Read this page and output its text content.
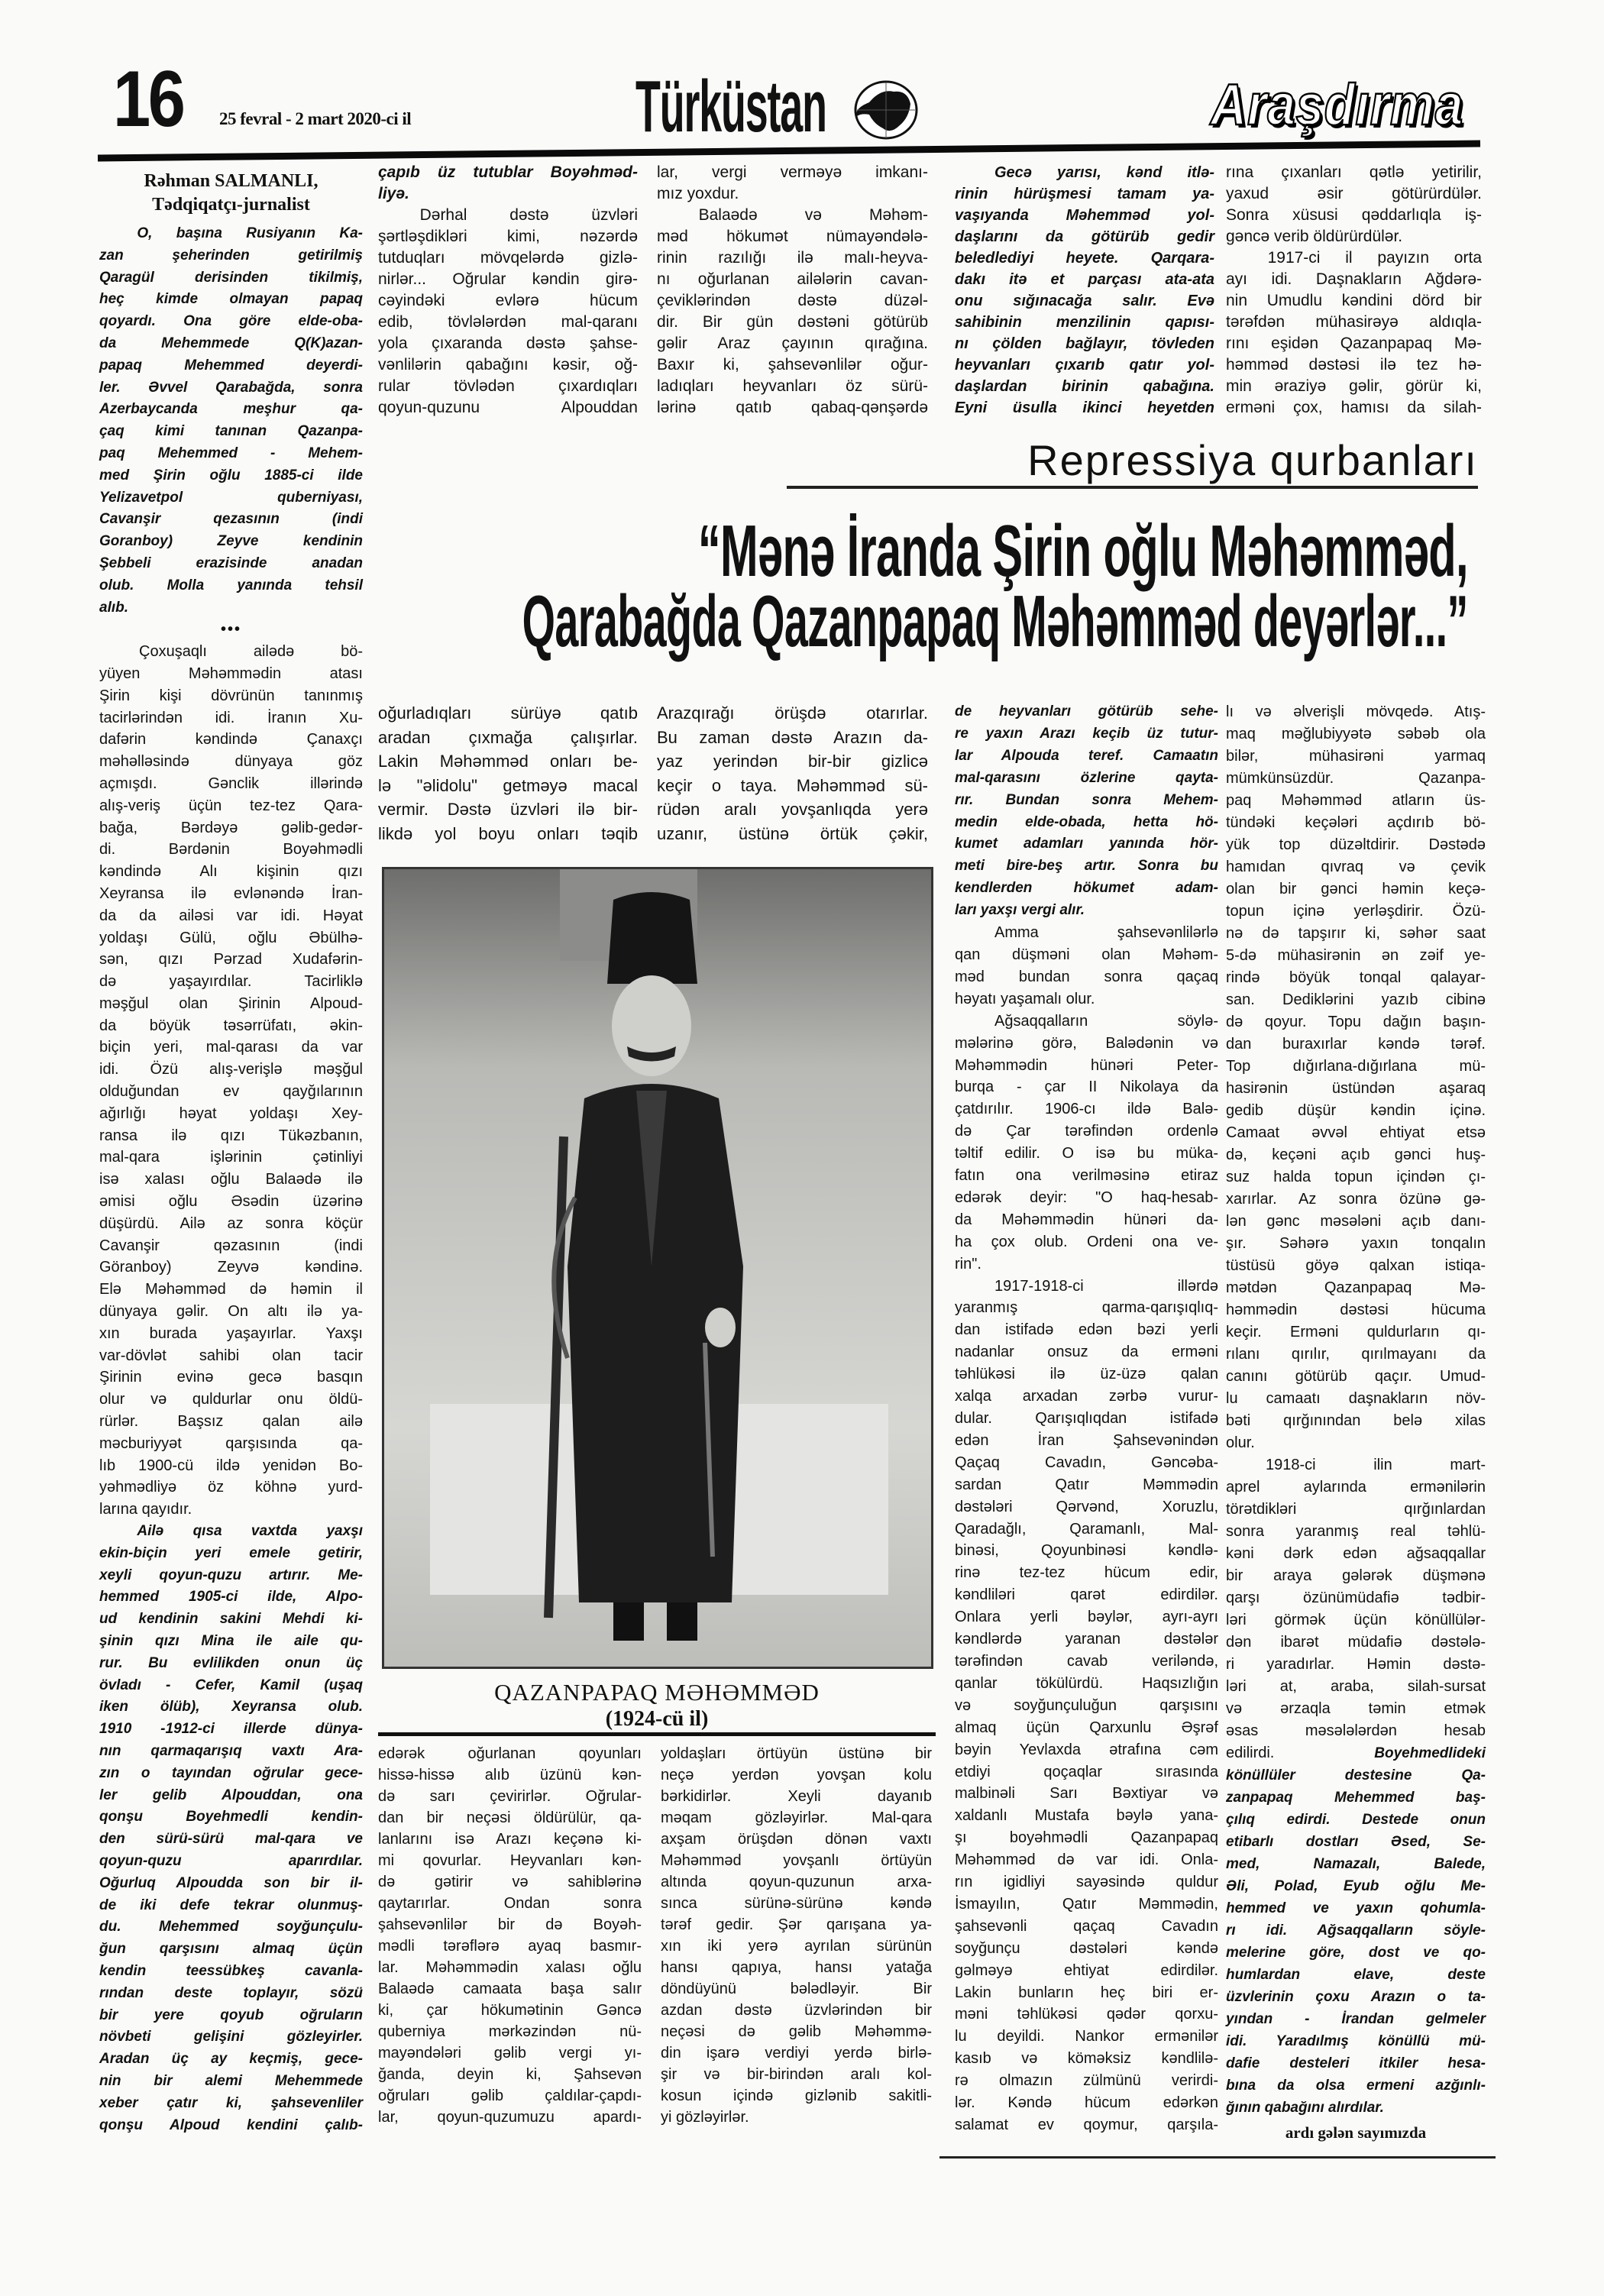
16 25 fevral - 2 mart 2020-ci il	Türküstan	Araşdırma
Repressiya qurbanları
“Mənə İranda Şirin oğlu Məhəmməd,
Qarabağda Qazanpapaq Məhəmməd deyərlər...”
Rəhman SALMANLI,
Tədqiqatçı-jurnalist
O, başına Rusiyanın Ka-
zan şeherinden getirilmiş
Qaragül derisinden tikilmiş,
heç kimde olmayan papaq
qoyardı. Ona göre elde-oba-
da Mehemmede Q(K)azan-
papaq Mehemmed deyerdi-
ler. Əvvel Qarabağda, sonra
Azerbaycanda meşhur qa-
çaq kimi tanınan Qazanpa-
paq Mehemmed - Mehem-
med Şirin oğlu 1885-ci ilde
Yelizavetpol quberniyası,
Cavanşir qezasının (indi
Goranboy) Zeyve kendinin
Şebbeli erazisinde anadan
olub. Molla yanında tehsil
alıb.
•••
Çoxuşaqlı ailədə bö-
yüyen Məhəmmədin atası
Şirin kişi dövrünün tanınmış
tacirlərindən idi. İranın Xu-
dafərin kəndində Çanaxçı
məhəlləsində dünyaya göz
açmışdı. Gənclik illərində
alış-veriş üçün tez-tez Qara-
bağa, Bərdəyə gəlib-gedər-
di. Bərdənin Boyəhmədli
kəndində Alı kişinin qızı
Xeyransa ilə evlənəndə İran-
da da ailəsi var idi. Həyat
yoldaşı Gülü, oğlu Əbülhə-
sən, qızı Pərzad Xudafərin-
də yaşayırdılar. Tacirliklə
məşğul olan Şirinin Alpoud-
da böyük təsərrüfatı, əkin-
biçin yeri, mal-qarası da var
idi. Özü alış-verişlə məşğul
olduğundan ev qayğılarının
ağırlığı həyat yoldaşı Xey-
ransa ilə qızı Tükəzbanın,
mal-qara işlərinin çətinliyi
isə xalası oğlu Balaədə ilə
əmisi oğlu Əsədin üzərinə
düşürdü. Ailə az sonra köçür
Cavanşir qəzasının (indi
Göranboy) Zeyvə kəndinə.
Elə Məhəmməd də həmin il
dünyaya gəlir. On altı ilə ya-
xın burada yaşayırlar. Yaxşı
var-dövlət sahibi olan tacir
Şirinin evinə gecə basqın
olur və quldurlar onu öldü-
rürlər. Başsız qalan ailə
məcburiyyət qarşısında qa-
lıb 1900-cü ildə yenidən Bo-
yəhmədliyə öz köhnə yurd-
larına qayıdır.
Ailə qısa vaxtda yaxşı
ekin-biçin yeri emele getirir,
xeyli qoyun-quzu artırır. Me-
hemmed 1905-ci ilde, Alpo-
ud kendinin sakini Mehdi ki-
şinin qızı Mina ile aile qu-
rur. Bu evlilikden onun üç
övladı - Cefer, Kamil (uşaq
iken ölüb), Xeyransa olub.
1910 -1912-ci illerde dünya-
nın qarmaqarışıq vaxtı Ara-
zın o tayından oğrular gece-
ler gelib Alpouddan, ona
qonşu Boyehmedli kendin-
den sürü-sürü mal-qara ve
qoyun-quzu aparırdılar.
Oğurluq Alpoudda son bir il-
de iki defe tekrar olunmuş-
du. Mehemmed soyğunçulu-
ğun qarşısını almaq üçün
kendin teessübkeş cavanla-
rından deste toplayır, sözü
bir yere qoyub oğruların
növbeti gelişini gözleyirler.
Aradan üç ay keçmiş, gece-
nin bir alemi Mehemmede
xeber çatır ki, şahsevenliler
qonşu Alpoud kendini çalıb-
çapıb üz tutublar Boyəhməd-
liyə.
Dərhal dəstə üzvləri
şərtləşdikləri kimi, nəzərdə
tutduqları mövqelərdə gizlə-
nirlər... Oğrular kəndin girə-
cəyindəki evlərə hücum
edib, tövlələrdən mal-qaranı
yola çıxaranda dəstə şahse-
vənlilərin qabağını kəsir, oğ-
rular tövlədən çıxardıqları
qoyun-quzunu Alpouddan
lar, vergi verməyə imkanı-
mız yoxdur.
Balaədə və Məhəm-
məd hökumət nümayəndələ-
rinin razılığı ilə malı-heyva-
nı oğurlanan ailələrin cavan-
çeviklərindən dəstə düzəl-
dir. Bir gün dəstəni götürüb
gəlir Araz çayının qırağına.
Baxır ki, şahsevənlilər oğur-
ladıqları heyvanları öz sürü-
lərinə qatıb qabaq-qənşərdə
Gecə yarısı, kənd itlə-
rinin hürüşmesi tamam ya-
vaşıyanda Məhemməd yol-
daşlarını da götürüb gedir
beledlediyi heyete. Qarqara-
dakı itə et parçası ata-ata
onu sığınacağa salır. Evə
sahibinin menzilinin qapısı-
nı çölden bağlayır, tövleden
heyvanları çıxarıb qatır yol-
daşlardan birinin qabağına.
Eyni üsulla ikinci heyetden
rına çıxanları qətlə yetirilir,
yaxud əsir götürürdülər.
Sonra xüsusi qəddarlıqla iş-
gəncə verib öldürürdülər.
1917-ci il payızın orta
ayı idi. Daşnakların Ağdərə-
nin Umudlu kəndini dörd bir
tərəfdən mühasirəyə aldıqla-
rını eşidən Qazanpapaq Mə-
həmməd dəstəsi ilə tez hə-
min əraziyə gəlir, görür ki,
erməni çox, hamısı da silah-
oğurladıqları sürüyə qatıb
aradan çıxmağa çalışırlar.
Lakin Məhəmməd onları be-
lə "əlidolu" getməyə macal
vermir. Dəstə üzvləri ilə bir-
likdə yol boyu onları təqib
Arazqırağı örüşdə otarırlar.
Bu zaman dəstə Arazın da-
yaz yerindən bir-bir gizlicə
keçir o taya. Məhəmməd sü-
rüdən aralı yovşanlıqda yerə
uzanır, üstünə örtük çəkir,
edərək oğurlanan qoyunları
hissə-hissə alıb üzünü kən-
də sarı çevirirlər. Oğrular-
dan bir neçəsi öldürülür, qa-
lanlarını isə Arazı keçənə ki-
mi qovurlar. Heyvanları kən-
də gətirir və sahiblərinə
qaytarırlar. Ondan sonra
şahsevənlilər bir də Boyəh-
mədli tərəflərə ayaq basmır-
lar. Məhəmmədin xalası oğlu
Balaədə camaata başa salır
ki, çar hökumətinin Gəncə
quberniya mərkəzindən nü-
mayəndələri gəlib vergi yı-
ğanda, deyin ki, Şahsevən
oğruları gəlib çaldılar-çapdı-
lar, qoyun-quzumuzu apardı-
yoldaşları örtüyün üstünə bir
neçə yerdən yovşan kolu
bərkidirlər. Xeyli dayanıb
məqam gözləyirlər. Mal-qara
axşam örüşdən dönən vaxtı
Məhəmməd yovşanlı örtüyün
altında qoyun-quzunun arxa-
sınca sürünə-sürünə kəndə
tərəf gedir. Şər qarışana ya-
xın iki yerə ayrılan sürünün
hansı qapıya, hansı yatağa
döndüyünü bələdləyir. Bir
azdan dəstə üzvlərindən bir
neçəsi də gəlib Məhəmmə-
din işarə verdiyi yerdə birlə-
şir və bir-birindən aralı kol-
kosun içində gizlənib sakitli-
yi gözləyirlər.
de heyvanları götürüb sehe-
re yaxın Arazı keçib üz tutur-
lar Alpouda teref. Camaatın
mal-qarasını özlerine qayta-
rır. Bundan sonra Mehem-
medin elde-obada, hetta hö-
kumet adamları yanında hör-
meti bire-beş artır. Sonra bu
kendlerden hökumet adam-
ları yaxşı vergi alır.
Amma şahsevənlilərlə
qan düşməni olan Məhəm-
məd bundan sonra qaçaq
həyatı yaşamalı olur.
Ağsaqqalların söylə-
mələrinə görə, Balədənin və
Məhəmmədin hünəri Peter-
burqa - çar II Nikolaya da
çatdırılır. 1906-cı ildə Balə-
də Çar tərəfindən ordenlə
təltif edilir. O isə bu müka-
fatın ona verilməsinə etiraz
edərək deyir: "O haq-hesab-
da Məhəmmədin hünəri da-
ha çox olub. Ordeni ona ve-
rin".
1917-1918-ci illərdə
yaranmış qarma-qarışıqlıq-
dan istifadə edən bəzi yerli
nadanlar onsuz da erməni
təhlükəsi ilə üz-üzə qalan
xalqa arxadan zərbə vurur-
dular. Qarışıqlıqdan istifadə
edən İran Şahsevənindən
Qaçaq Cavadın, Gəncəba-
sardan Qatır Məmmədin
dəstələri Qərvənd, Xoruzlu,
Qaradağlı, Qaramanlı, Mal-
binəsi, Qoyunbinəsi kəndlə-
rinə tez-tez hücum edir,
kəndliləri qarət edirdilər.
Onlara yerli bəylər, ayrı-ayrı
kəndlərdə yaranan dəstələr
tərəfindən cavab veriləndə,
qanlar tökülürdü. Haqsızlığın
və soyğunçuluğun qarşısını
almaq üçün Qarxunlu Əşrəf
bəyin Yevlaxda ətrafına cəm
etdiyi qoçaqlar sırasında
malbinəli Sarı Bəxtiyar və
xaldanlı Mustafa bəylə yana-
şı boyəhmədli Qazanpapaq
Məhəmməd də var idi. Onla-
rın igidliyi sayəsində quldur
İsmayılın, Qatır Məmmədin,
şahsevənli qaçaq Cavadın
soyğunçu dəstələri kəndə
gəlməyə ehtiyat edirdilər.
Lakin bunların heç biri er-
məni təhlükəsi qədər qorxu-
lu deyildi. Nankor ermənilər
kasıb və köməksiz kəndlilə-
rə olmazın zülmünü verirdi-
lər. Kəndə hücum edərkən
salamat ev qoymur, qarşıla-
lı və əlverişli mövqedə. Atış-
maq məğlubiyyətə səbəb ola
bilər, mühasirəni yarmaq
mümkünsüzdür. Qazanpa-
paq Məhəmməd atların üs-
tündəki keçələri açdırıb bö-
yük top düzəltdirir. Dəstədə
hamıdan qıvraq və çevik
olan bir gənci həmin keçə-
topun içinə yerləşdirir. Özü-
nə də tapşırır ki, səhər saat
5-də mühasirənin ən zəif ye-
rində böyük tonqal qalayar-
san. Dediklərini yazıb cibinə
də qoyur. Topu dağın başın-
dan buraxırlar kəndə tərəf.
Top dığırlana-dığırlana mü-
hasirənin üstündən aşaraq
gedib düşür kəndin içinə.
Camaat əvvəl ehtiyat etsə
də, keçəni açıb gənci huş-
suz halda topun içindən çı-
xarırlar. Az sonra özünə gə-
lən gənc məsələni açıb danı-
şır. Səhərə yaxın tonqalın
tüstüsü göyə qalxan istiqa-
mətdən Qazanpapaq Mə-
həmmədin dəstəsi hücuma
keçir. Erməni quldurların qı-
rılanı qırılır, qırılmayanı da
canını götürüb qaçır. Umud-
lu camaatı daşnakların növ-
bəti qırğınından belə xilas
olur.
1918-ci ilin mart-
aprel aylarında ermənilərin
törətdikləri qırğınlardan
sonra yaranmış real təhlü-
kəni dərk edən ağsaqqallar
bir araya gələrək düşmənə
qarşı özünümüdafiə tədbir-
ləri görmək üçün könüllülər-
dən ibarət müdafiə dəstələ-
ri yaradırlar. Həmin dəstə-
ləri at, araba, silah-sursat
və ərzaqla təmin etmək
əsas məsələlərdən hesab
edilirdi. Boyehmedlideki
könüllüler destesine Qa-
zanpapaq Mehemmed baş-
çılıq edirdi. Destede onun
etibarlı dostları Əsed, Se-
med, Namazalı, Balede,
Əli, Polad, Eyub oğlu Me-
hemmed ve yaxın qohumla-
rı idi. Ağsaqqalların söyle-
melerine göre, dost ve qo-
humlardan elave, deste
üzvlerinin çoxu Arazın o ta-
yından - İrandan gelmeler
idi. Yaradılmış könüllü mü-
dafie desteleri itkiler hesa-
bına da olsa ermeni azğınlı-
ğının qabağını alırdılar.
QAZANPAPAQ MƏHƏMMƏD
(1924-cü il)
ardı gələn sayımızda
